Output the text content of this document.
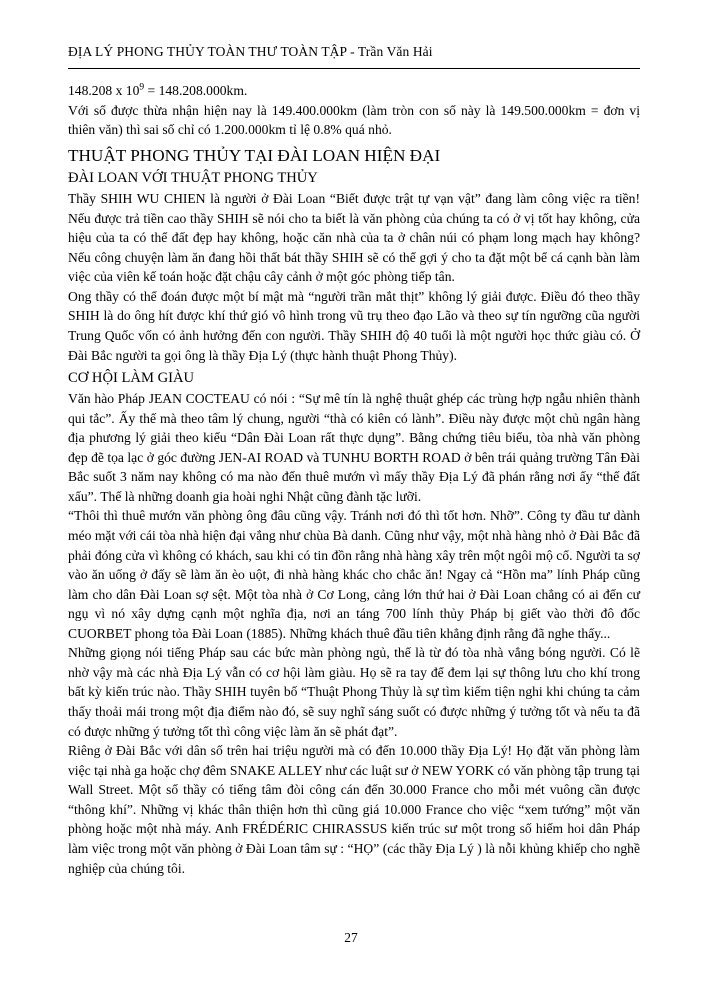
ĐỊA LÝ PHONG THỦY TOÀN THƯ TOÀN TẬP - Trần Văn Hải

148.208 x $10^9 = 148.208.000km$.

Với số được thừa nhận hiện nay là 149.400.000km (làm tròn con số này là 149.500.000km = đơn vị thiên văn) thì sai số chỉ có 1.200.000km tỉ lệ 0.8% quá nhỏ.

THUẬT PHONG THỦY TẠI ĐÀI LOAN HIỆN ĐẠI
ĐÀI LOAN VỚI THUẬT PHONG THỦY

Thầy SHIH WU CHIEN là người ở Đài Loan “Biết được trật tự vạn vật” đang làm công việc ra tiền! Nếu được trả tiền cao thầy SHIH sẽ nói cho ta biết là văn phòng của chúng ta có ở vị tốt hay không, cửa hiệu của ta có thể đất đẹp hay không, hoặc căn nhà của ta ở chân núi có phạm long mạch hay không? Nếu công chuyện làm ăn đang hồi thất bát thầy SHIH sẽ có thể gợi ý cho ta đặt một bể cá cạnh bàn làm việc của viên kế toán hoặc đặt chậu cây cảnh ở một góc phòng tiếp tân.

Ong thầy có thể đoán được một bí mật mà “người trần mắt thịt” không lý giải được. Điều đó theo thầy SHIH là do ông hít được khí thứ gió vô hình trong vũ trụ theo đạo Lão và theo sự tín ngưỡng cũa người Trung Quốc vốn có ảnh hưởng đến con người. Thầy SHIH độ 40 tuổi là một người học thức giàu có. Ở Đài Bắc người ta gọi ông là thầy Địa Lý (thực hành thuật Phong Thủy).

CƠ HỘI LÀM GIÀU

Văn hào Pháp JEAN COCTEAU có nói : “Sự mê tín là nghệ thuật ghép các trùng hợp ngẫu nhiên thành qui tắc”. Ấy thế mà theo tâm lý chung, người “thà có kiên có lành”. Điều này được một chủ ngân hàng địa phương lý giải theo kiểu “Dân Đài Loan rất thực dụng”. Bằng chứng tiêu biểu, tòa nhà văn phòng đẹp đẽ tọa lạc ở góc đường JEN-AI ROAD và TUNHU BORTH ROAD ở bên trái quảng trường Tân Đài Bắc suốt 3 năm nay không có ma nào đến thuê mướn vì mấy thầy Địa Lý đã phán rằng nơi ấy “thế đất xấu”. Thế là những doanh gia hoài nghi Nhật cũng đành tặc lưỡi.

“Thôi thì thuê mướn văn phòng ông đâu cũng vậy. Tránh nơi đó thì tốt hơn. Nhỡ”. Công ty đầu tư dành méo mặt với cái tòa nhà hiện đại vắng như chùa Bà danh. Cũng như vậy, một nhà hàng nhỏ ở Đài Bắc đã phải đóng cửa vì không có khách, sau khi có tin đồn rằng nhà hàng xây trên một ngôi mộ cổ. Người ta sợ vào ăn uống ở đấy sẽ làm ăn èo uột, đi nhà hàng khác cho chắc ăn! Ngay cả “Hồn ma” lính Pháp cũng làm cho dân Đài Loan sợ sệt. Một tòa nhà ở Cơ Long, cảng lớn thứ hai ở Đài Loan chẳng có ai đến cư ngụ vì nó xây dựng cạnh một nghĩa địa, nơi an táng 700 lính thủy Pháp bị giết vào thời đô đốc CUORBET phong tỏa Đài Loan (1885). Những khách thuê đầu tiên khẳng định rằng đã nghe thấy...

Những giọng nói tiếng Pháp sau các bức màn phòng ngủ, thế là từ đó tòa nhà vắng bóng người. Có lẽ nhờ vậy mà các nhà Địa Lý vẫn có cơ hội làm giàu. Họ sẽ ra tay để đem lại sự thông lưu cho khí trong bất kỳ kiến trúc nào. Thầy SHIH tuyên bố “Thuật Phong Thủy là sự tìm kiếm tiện nghi khi chúng ta cảm thấy thoải mái trong một địa điểm nào đó, sẽ suy nghĩ sáng suốt có được những ý tưởng tốt và nếu ta đã có được những ý tưởng tốt thì công việc làm ăn sẽ phát đạt”.

Riêng ở Đài Bắc với dân số trên hai triệu người mà có đến 10.000 thầy Địa Lý! Họ đặt văn phòng làm việc tại nhà ga hoặc chợ đêm SNAKE ALLEY như các luật sư ở NEW YORK có văn phòng tập trung tại Wall Street. Một số thầy có tiếng tâm đòi công cán đến 30.000 France cho mỗi mét vuông cần được “thông khí”. Những vị khác thân thiện hơn thì cũng giá 10.000 France cho việc “xem tướng” một văn phòng hoặc một nhà máy. Anh FRÉDÉRIC CHIRASSUS kiến trúc sư một trong số hiếm hoi dân Pháp làm việc trong một văn phòng ở Đài Loan tâm sự : “HỌ” (các thầy Địa Lý ) là nỗi khủng khiếp cho nghề nghiệp của chúng tôi.

27
